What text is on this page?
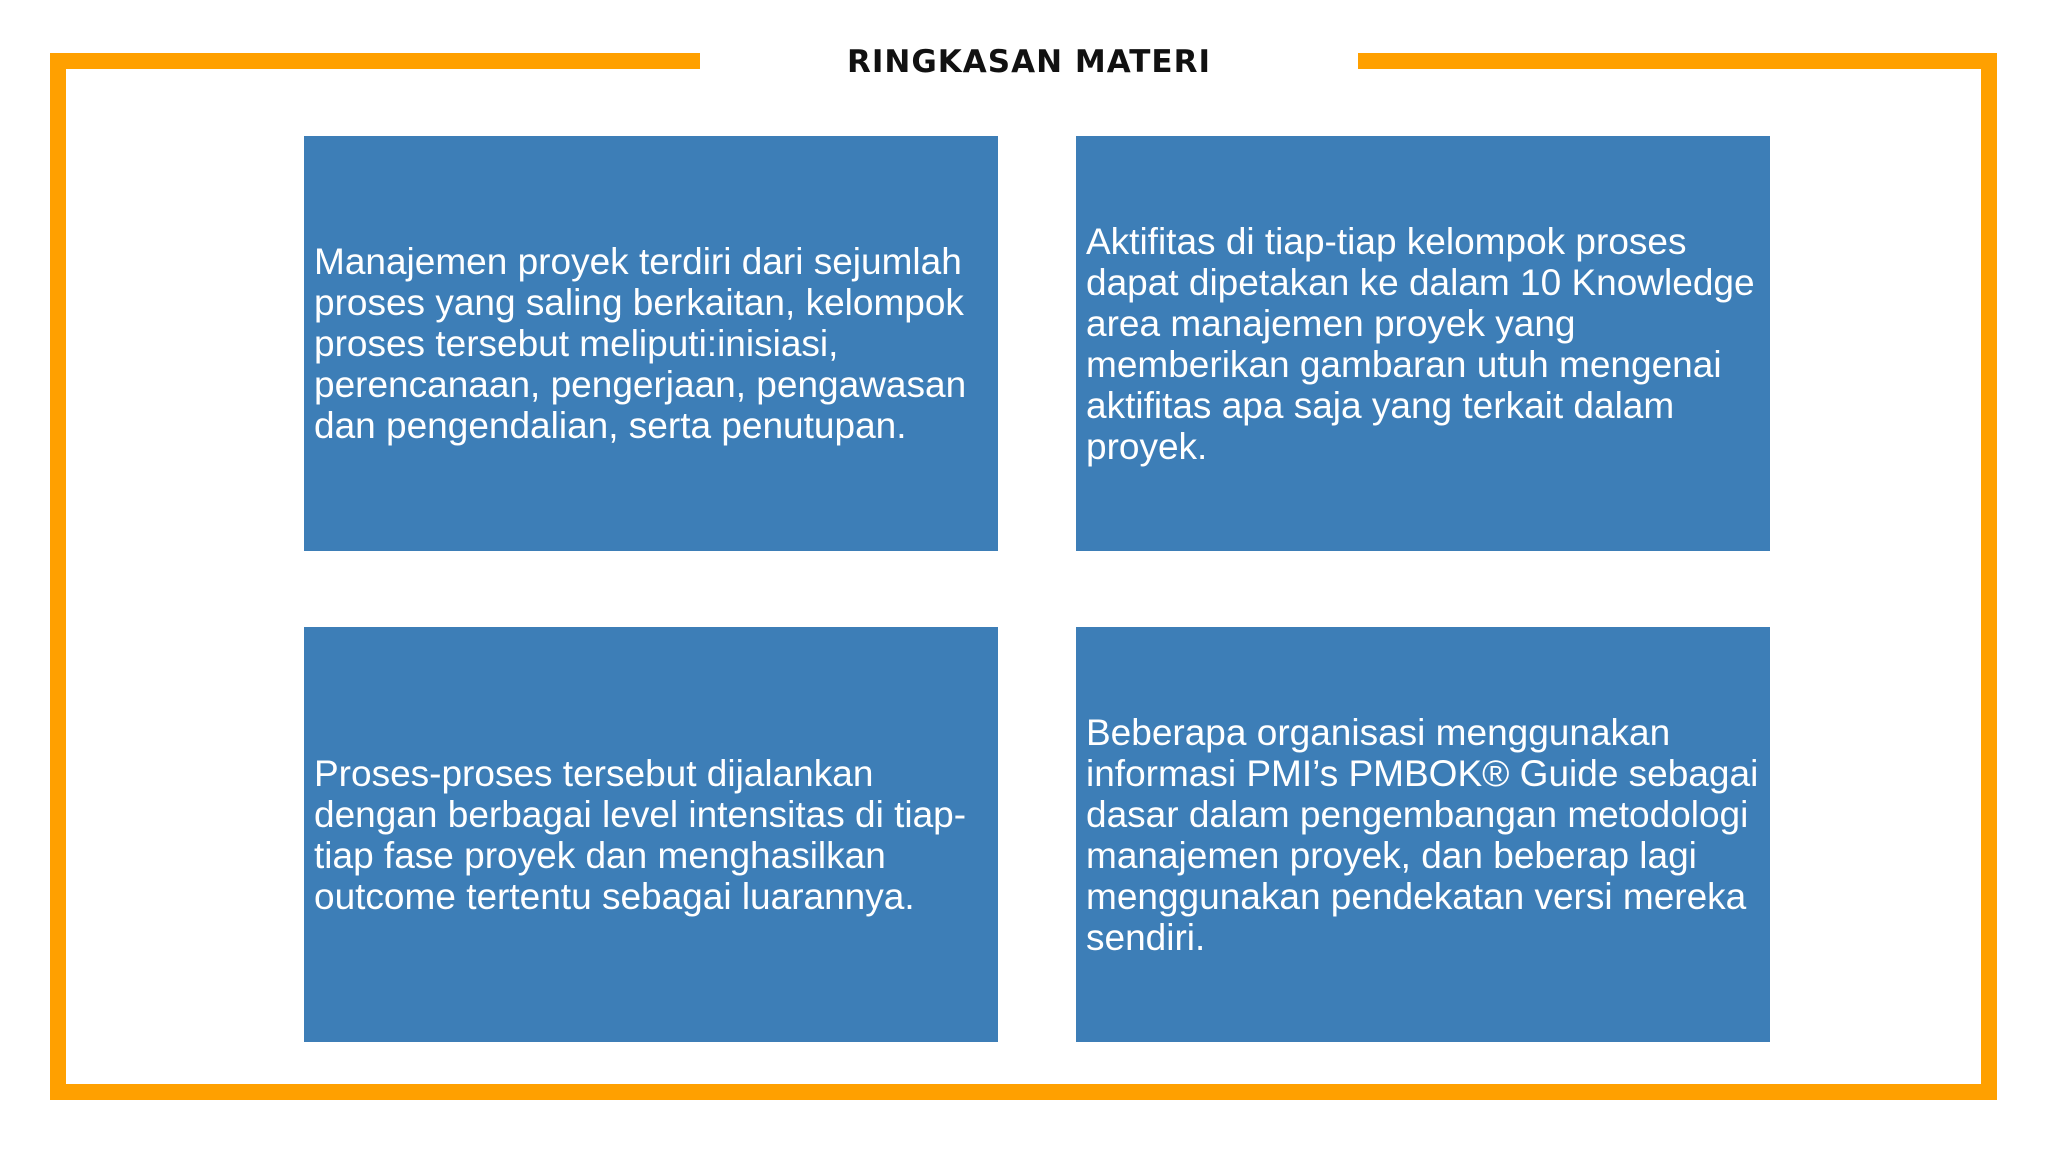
RINGKASAN MATERI

Manajemen proyek terdiri dari sejumlah proses yang saling berkaitan, kelompok proses tersebut meliputi:inisiasi, perencanaan, pengerjaan, pengawasan dan pengendalian, serta penutupan.

Aktifitas di tiap-tiap kelompok proses dapat dipetakan ke dalam 10 Knowledge area manajemen proyek yang memberikan gambaran utuh mengenai aktifitas apa saja yang terkait dalam proyek.

Proses-proses tersebut dijalankan dengan berbagai level intensitas di tiap-tiap fase proyek dan menghasilkan outcome tertentu sebagai luarannya.

Beberapa organisasi menggunakan informasi PMI’s PMBOK® Guide sebagai dasar dalam pengembangan metodologi manajemen proyek, dan beberap lagi menggunakan pendekatan versi mereka sendiri.
